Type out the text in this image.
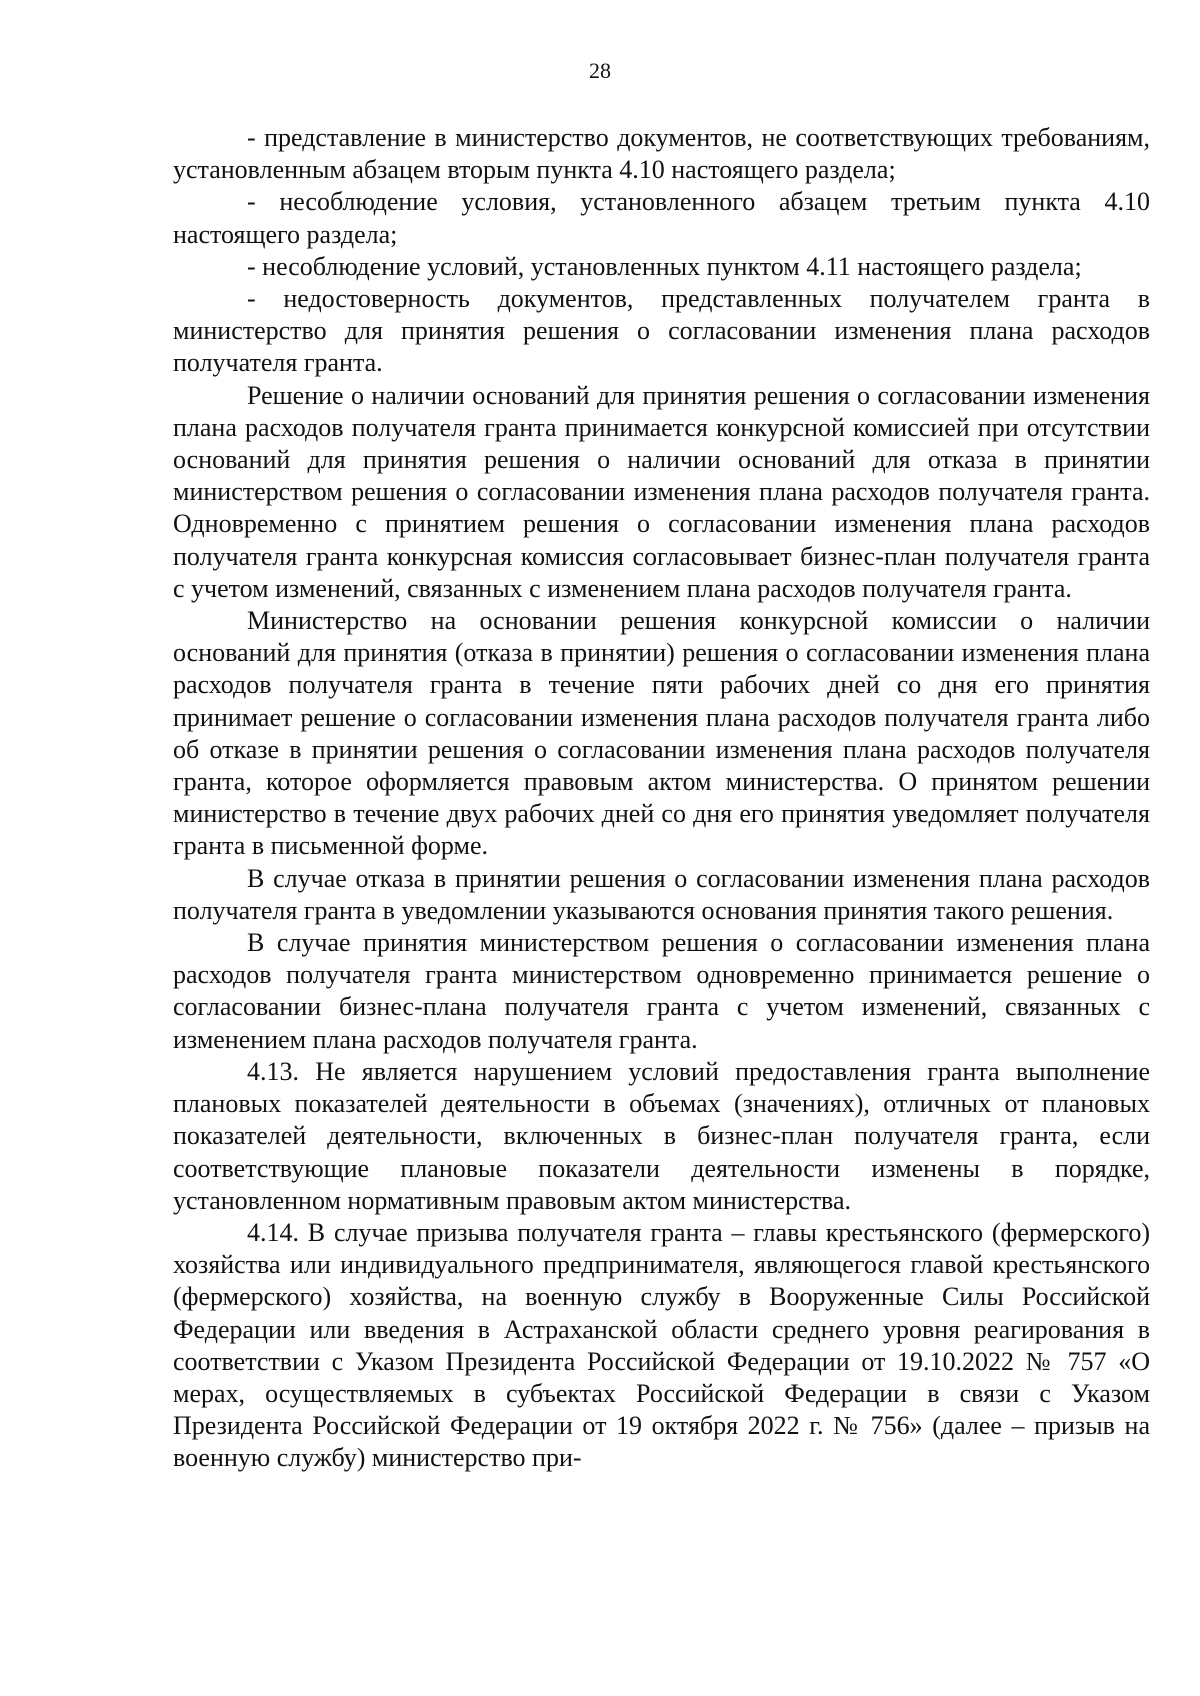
28

- представление в министерство документов, не соответствующих требованиям, установленным абзацем вторым пункта 4.10 настоящего раздела;

- несоблюдение условия, установленного абзацем третьим пункта 4.10 настоящего раздела;

- несоблюдение условий, установленных пунктом 4.11 настоящего раздела;

- недостоверность документов, представленных получателем гранта в министерство для принятия решения о согласовании изменения плана расходов получателя гранта.

Решение о наличии оснований для принятия решения о согласовании изменения плана расходов получателя гранта принимается конкурсной комиссией при отсутствии оснований для принятия решения о наличии оснований для отказа в принятии министерством решения о согласовании изменения плана расходов получателя гранта. Одновременно с принятием решения о согласовании изменения плана расходов получателя гранта конкурсная комиссия согласовывает бизнес-план получателя гранта с учетом изменений, связанных с изменением плана расходов получателя гранта.

Министерство на основании решения конкурсной комиссии о наличии оснований для принятия (отказа в принятии) решения о согласовании изменения плана расходов получателя гранта в течение пяти рабочих дней со дня его принятия принимает решение о согласовании изменения плана расходов получателя гранта либо об отказе в принятии решения о согласовании изменения плана расходов получателя гранта, которое оформляется правовым актом министерства. О принятом решении министерство в течение двух рабочих дней со дня его принятия уведомляет получателя гранта в письменной форме.

В случае отказа в принятии решения о согласовании изменения плана расходов получателя гранта в уведомлении указываются основания принятия такого решения.

В случае принятия министерством решения о согласовании изменения плана расходов получателя гранта министерством одновременно принимается решение о согласовании бизнес-плана получателя гранта с учетом изменений, связанных с изменением плана расходов получателя гранта.

4.13. Не является нарушением условий предоставления гранта выполнение плановых показателей деятельности в объемах (значениях), отличных от плановых показателей деятельности, включенных в бизнес-план получателя гранта, если соответствующие плановые показатели деятельности изменены в порядке, установленном нормативным правовым актом министерства.

4.14. В случае призыва получателя гранта – главы крестьянского (фермерского) хозяйства или индивидуального предпринимателя, являющегося главой крестьянского (фермерского) хозяйства, на военную службу в Вооруженные Силы Российской Федерации или введения в Астраханской области среднего уровня реагирования в соответствии с Указом Президента Российской Федерации от 19.10.2022 № 757 «О мерах, осуществляемых в субъектах Российской Федерации в связи с Указом Президента Российской Федерации от 19 октября 2022 г. № 756» (далее – призыв на военную службу) министерство при-
